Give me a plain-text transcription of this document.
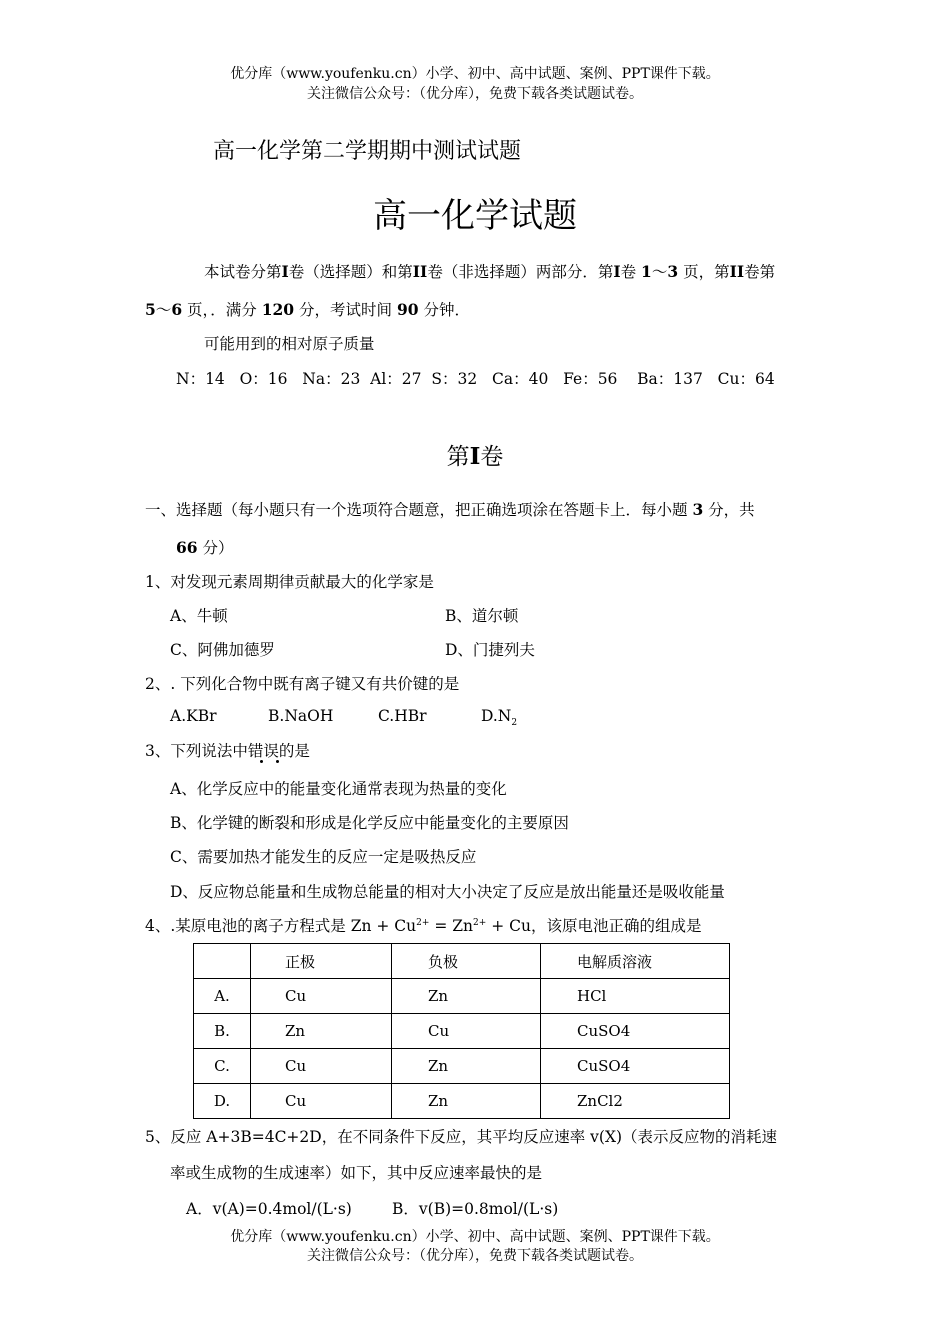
优分库（www.youfenku.cn）小学、初中、高中试题、案例、PPT课件下载。
关注微信公众号：（优分库），免费下载各类试题试卷。
高一化学第二学期期中测试试题
高一化学试题
本试卷分第I卷（选择题）和第II卷（非选择题）两部分．第I卷 1～3 页，第II卷第
5～6 页，．满分 120 分，考试时间 90 分钟．
可能用到的相对原子质量
N：14   O：16   Na：23  Al：27  S：32   Ca：40   Fe：56    Ba：137   Cu：64
第I卷
一、选择题（每小题只有一个选项符合题意，把正确选项涂在答题卡上．每小题 3 分，共
66 分）
1、对发现元素周期律贡献最大的化学家是
A、牛顿	B、道尔顿
C、阿佛加德罗	D、门捷列夫
2、. 下列化合物中既有离子键又有共价键的是
A.KBr	B.NaOH	C.HBr	$D.N_2$
3、下列说法中错误的是
A、化学反应中的能量变化通常表现为热量的变化
B、化学键的断裂和形成是化学反应中能量变化的主要原因
C、需要加热才能发生的反应一定是吸热反应
D、反应物总能量和生成物总能量的相对大小决定了反应是放出能量还是吸收能量
4、.某原电池的离子方程式是 $Zn + Cu^{2+} = Zn^{2+} + Cu$，该原电池正确的组成是
	正极	负极	电解质溶液
A.	Cu	Zn	HCl
B.	Zn	Cu	CuSO4
C.	Cu	Zn	CuSO4
D.	Cu	Zn	ZnCl2
5、反应 A+3B=4C+2D，在不同条件下反应，其平均反应速率 v(X)（表示反应物的消耗速
率或生成物的生成速率）如下，其中反应速率最快的是
A．v(A)=0.4mol/(L·s)	B．v(B)=0.8mol/(L·s)
优分库（www.youfenku.cn）小学、初中、高中试题、案例、PPT课件下载。
关注微信公众号：（优分库），免费下载各类试题试卷。
